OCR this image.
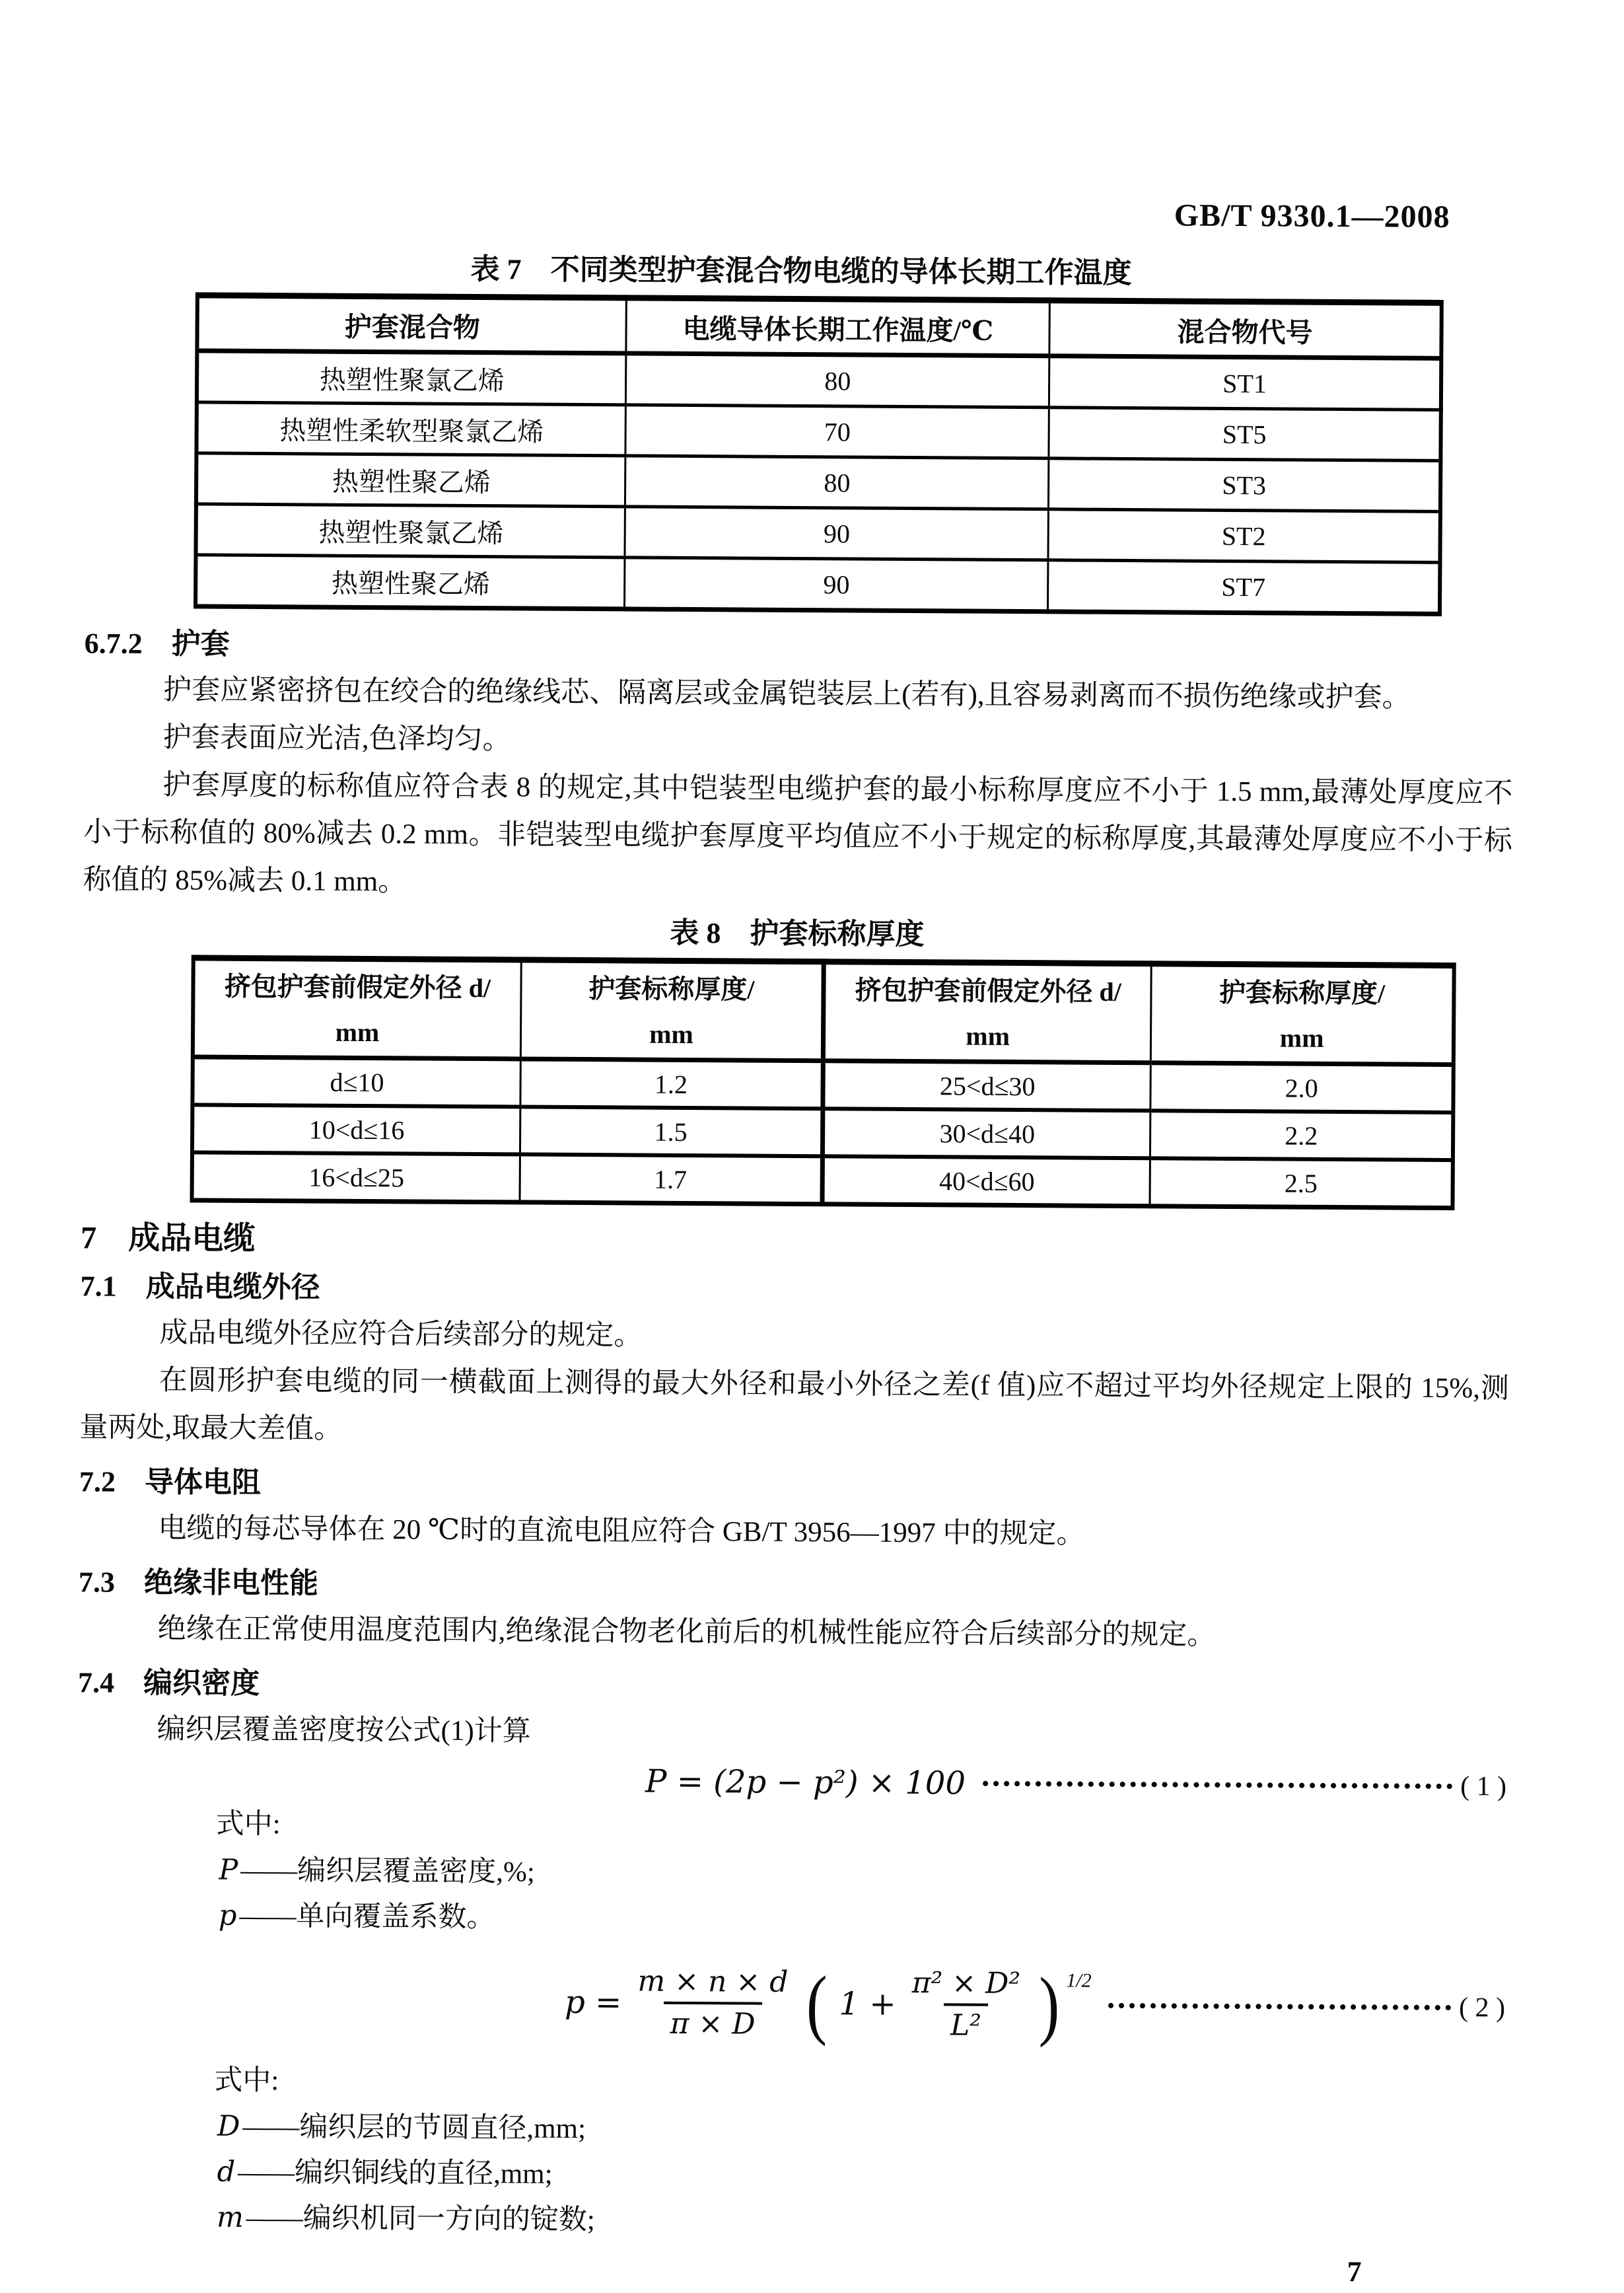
GB/T 9330.1—2008
表 7　不同类型护套混合物电缆的导体长期工作温度
护套混合物	电缆导体长期工作温度/℃	混合物代号
热塑性聚氯乙烯	80	ST1
热塑性柔软型聚氯乙烯	70	ST5
热塑性聚乙烯	80	ST3
热塑性聚氯乙烯	90	ST2
热塑性聚乙烯	90	ST7
6.7.2　护套

护套应紧密挤包在绞合的绝缘线芯、隔离层或金属铠装层上(若有),且容易剥离而不损伤绝缘或护套。

护套表面应光洁,色泽均匀。

护套厚度的标称值应符合表 8 的规定,其中铠装型电缆护套的最小标称厚度应不小于 1.5 mm,最薄处厚度应不小于标称值的 80%减去 0.2 mm。非铠装型电缆护套厚度平均值应不小于规定的标称厚度,其最薄处厚度应不小于标称值的 85%减去 0.1 mm。

表 8　护套标称厚度
挤包护套前假定外径 d/
mm	护套标称厚度/
mm	挤包护套前假定外径 d/
mm	护套标称厚度/
mm

d≤10	1.2	25<d≤30	2.0
10<d≤16	1.5	30<d≤40	2.2
16<d≤25	1.7	40<d≤60	2.5
7　成品电缆
7.1　成品电缆外径

成品电缆外径应符合后续部分的规定。

在圆形护套电缆的同一横截面上测得的最大外径和最小外径之差(f 值)应不超过平均外径规定上限的 15%,测量两处,取最大差值。

7.2　导体电阻

电缆的每芯导体在 20 ℃时的直流电阻应符合 GB/T 3956—1997 中的规定。

7.3　绝缘非电性能

绝缘在正常使用温度范围内,绝缘混合物老化前后的机械性能应符合后续部分的规定。

7.4　编织密度

编织层覆盖密度按公式(1)计算

P = (2p − p²) × 100	( 1 )

式中:

P——编织层覆盖密度,%;

p——单向覆盖系数。

$p = \frac{m \times n \times d}{\pi \times D}$ ( $1 + \frac{\text{π² × D²}}{\text{L²}}$ ) $^{1/2}$
( 2 )

式中:

D——编织层的节圆直径,mm;

d——编织铜线的直径,mm;

m——编织机同一方向的锭数;

7
